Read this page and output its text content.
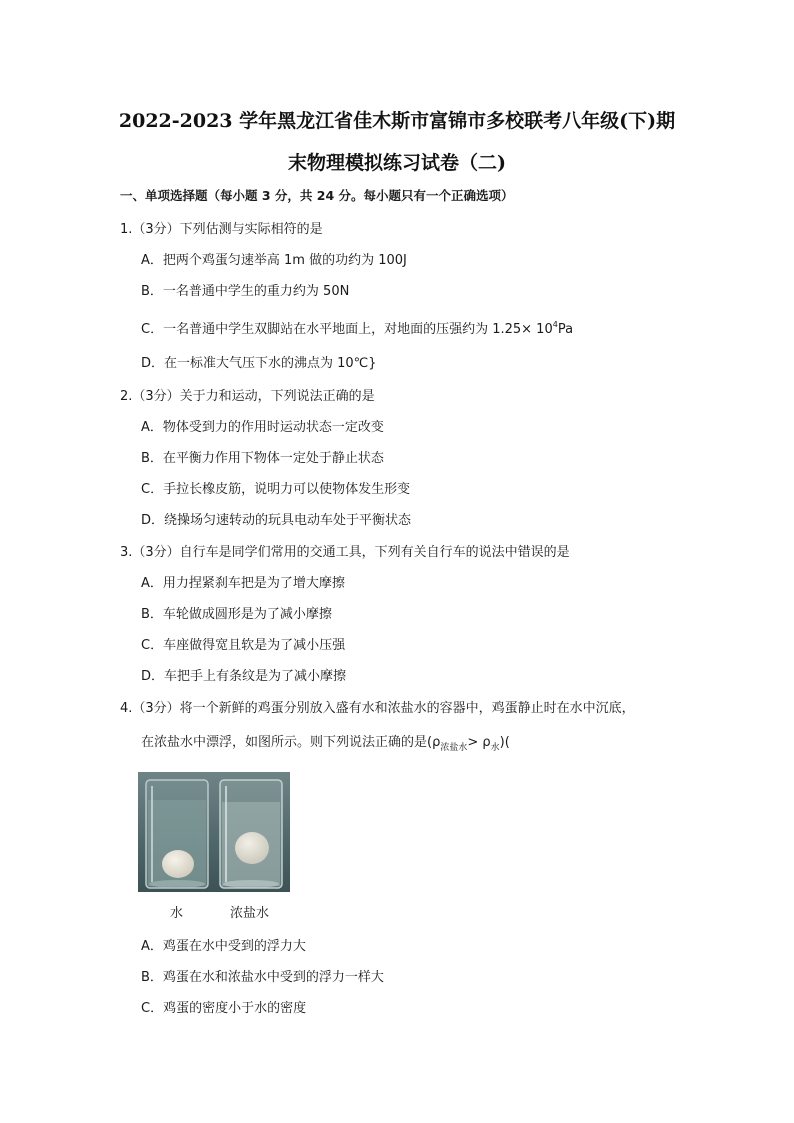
2022-2023 学年黑龙江省佳木斯市富锦市多校联考八年级(下)期
末物理模拟练习试卷（二)
一、单项选择题（每小题 3 分，共 24 分。每小题只有一个正确选项）
1.（3分）下列估测与实际相符的是
A．把两个鸡蛋匀速举高 1m 做的功约为 100J
B．一名普通中学生的重力约为 50N
C．一名普通中学生双脚站在水平地面上，对地面的压强约为 $1.25\times 10^4Pa$
D．在一标准大气压下水的沸点为 10℃}
2.（3分）关于力和运动，下列说法正确的是
A．物体受到力的作用时运动状态一定改变
B．在平衡力作用下物体一定处于静止状态
C．手拉长橡皮筋，说明力可以使物体发生形变
D．绕操场匀速转动的玩具电动车处于平衡状态
3.（3分）自行车是同学们常用的交通工具，下列有关自行车的说法中错误的是
A．用力捏紧刹车把是为了增大摩擦
B．车轮做成圆形是为了减小摩擦
C．车座做得宽且软是为了减小压强
D．车把手上有条纹是为了减小摩擦
4.（3分）将一个新鲜的鸡蛋分别放入盛有水和浓盐水的容器中，鸡蛋静止时在水中沉底，
在浓盐水中漂浮，如图所示。则下列说法正确的是$(\rho_{浓盐水}> \rho_水)$(
水	浓盐水
A．鸡蛋在水中受到的浮力大
B．鸡蛋在水和浓盐水中受到的浮力一样大
C．鸡蛋的密度小于水的密度
